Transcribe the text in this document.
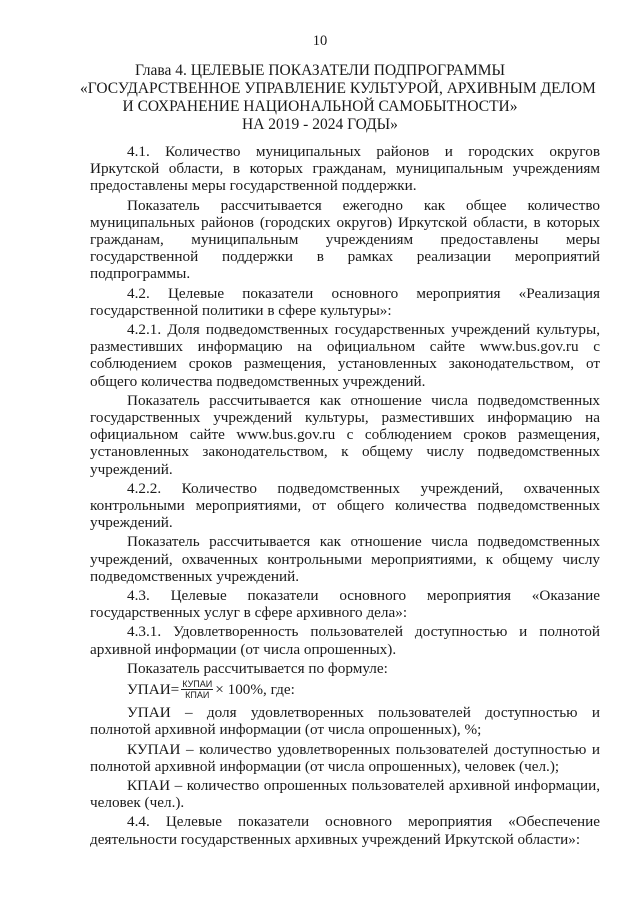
10
Глава 4. ЦЕЛЕВЫЕ ПОКАЗАТЕЛИ ПОДПРОГРАММЫ
«ГОСУДАРСТВЕННОЕ УПРАВЛЕНИЕ КУЛЬТУРОЙ, АРХИВНЫМ ДЕЛОМ
И СОХРАНЕНИЕ НАЦИОНАЛЬНОЙ САМОБЫТНОСТИ»
НА 2019 - 2024 ГОДЫ»

4.1. Количество муниципальных районов и городских округов Иркутской области, в которых гражданам, муниципальным учреждениям предоставлены меры государственной поддержки.

Показатель рассчитывается ежегодно как общее количество муниципальных районов (городских округов) Иркутской области, в которых гражданам, муниципальным учреждениям предоставлены меры государственной поддержки в рамках реализации мероприятий подпрограммы.

4.2. Целевые показатели основного мероприятия «Реализация государственной политики в сфере культуры»:

4.2.1. Доля подведомственных государственных учреждений культуры, разместивших информацию на официальном сайте www.bus.gov.ru с соблюдением сроков размещения, установленных законодательством, от общего количества подведомственных учреждений.

Показатель рассчитывается как отношение числа подведомственных государственных учреждений культуры, разместивших информацию на официальном сайте www.bus.gov.ru с соблюдением сроков размещения, установленных законодательством, к общему числу подведомственных учреждений.

4.2.2. Количество подведомственных учреждений, охваченных контрольными мероприятиями, от общего количества подведомственных учреждений.

Показатель рассчитывается как отношение числа подведомственных учреждений, охваченных контрольными мероприятиями, к общему числу подведомственных учреждений.

4.3. Целевые показатели основного мероприятия «Оказание государственных услуг в сфере архивного дела»:

4.3.1. Удовлетворенность пользователей доступностью и полнотой архивной информации (от числа опрошенных).

Показатель рассчитывается по формуле:

УПАИ= $\frac{\text{КУПАИ}}{\text{КПАИ}} \times 100\%$, где:

УПАИ – доля удовлетворенных пользователей доступностью и полнотой архивной информации (от числа опрошенных), %;

КУПАИ – количество удовлетворенных пользователей доступностью и полнотой архивной информации (от числа опрошенных), человек (чел.);

КПАИ – количество опрошенных пользователей архивной информации, человек (чел.).

4.4. Целевые показатели основного мероприятия «Обеспечение деятельности государственных архивных учреждений Иркутской области»:
